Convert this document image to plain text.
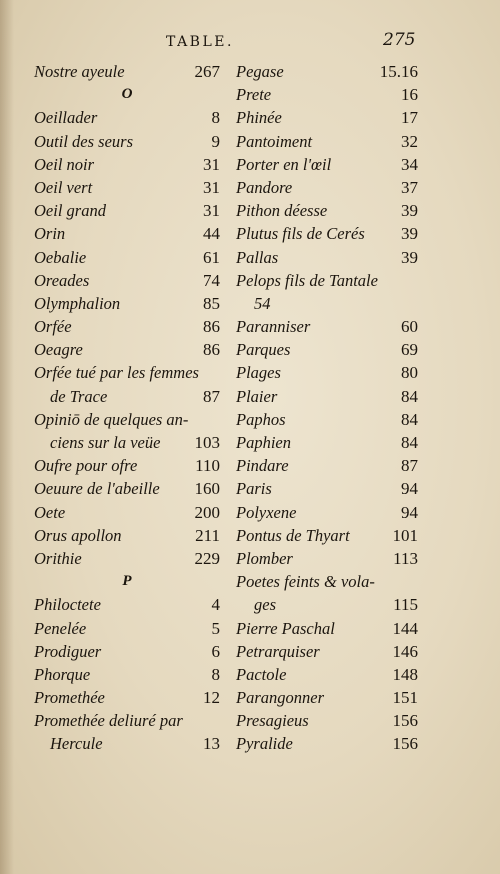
TABLE.	275
Nostre ayeule	267
O
Oeillader	8
Outil des seurs	9
Oeil noir	31
Oeil vert	31
Oeil grand	31
Orin	44
Oebalie	61
Oreades	74
Olymphalion	85
Orfée	86
Oeagre	86
Orfée tué par les femmes
de Trace	87
Opiniō de quelques an-
ciens sur la veüe 103
Oufre pour ofre	110
Oeuure de l'abeille 160
Oete	200
Orus apollon	211
Orithie	229
P
Philoctete	4
Penelée	5
Prodiguer	6
Phorque	8
Promethée	12
Promethée deliuré par
Hercule	13
Pegase	15.16
Prete	16
Phinée	17
Pantoiment	32
Porter en l'œil	34
Pandore	37
Pithon déesse	39
Plutus fils de Cerés 39
Pallas	39
Pelops fils de Tantale
54
Paranniser	60
Parques	69
Plages	80
Plaier	84
Paphos	84
Paphien	84
Pindare	87
Paris	94
Polyxene	94
Pontus de Thyart	101
Plomber	113
Poetes feints & vola-
ges	115
Pierre Paschal	144
Petrarquiser	146
Pactole	148
Parangonner	151
Presagieus	156
Pyralide	156
